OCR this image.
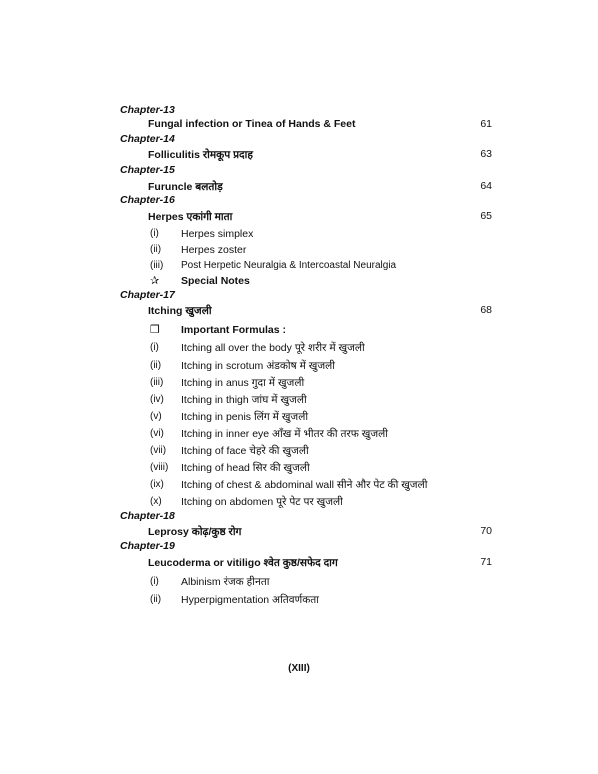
Chapter-13
Fungal infection or Tinea of Hands & Feet	61
Chapter-14
Folliculitis रोमकूप प्रदाह	63
Chapter-15
Furuncle बलतोड़	64
Chapter-16
Herpes एकांगी माता	65
(i) Herpes simplex
(ii) Herpes zoster
(iii) Post Herpetic Neuralgia & Intercoastal Neuralgia
✰ Special Notes
Chapter-17
Itching खुजली	68
❒ Important Formulas :
(i) Itching all over the body पूरे शरीर में खुजली
(ii) Itching in scrotum अंडकोष में खुजली
(iii) Itching in anus गुदा में खुजली
(iv) Itching in thigh जांघ में खुजली
(v) Itching in penis लिंग में खुजली
(vi) Itching in inner eye आँख में भीतर की तरफ खुजली
(vii) Itching of face चेहरे की खुजली
(viii) Itching of head सिर की खुजली
(ix) Itching of chest & abdominal wall सीने और पेट की खुजली
(x) Itching on abdomen पूरे पेट पर खुजली
Chapter-18
Leprosy कोढ़/कुष्ठ रोग	70
Chapter-19
Leucoderma or vitiligo श्वेत कुष्ठ/सफेद दाग	71
(i) Albinism रंजक हीनता
(ii) Hyperpigmentation अतिवर्णकता
(XIII)
